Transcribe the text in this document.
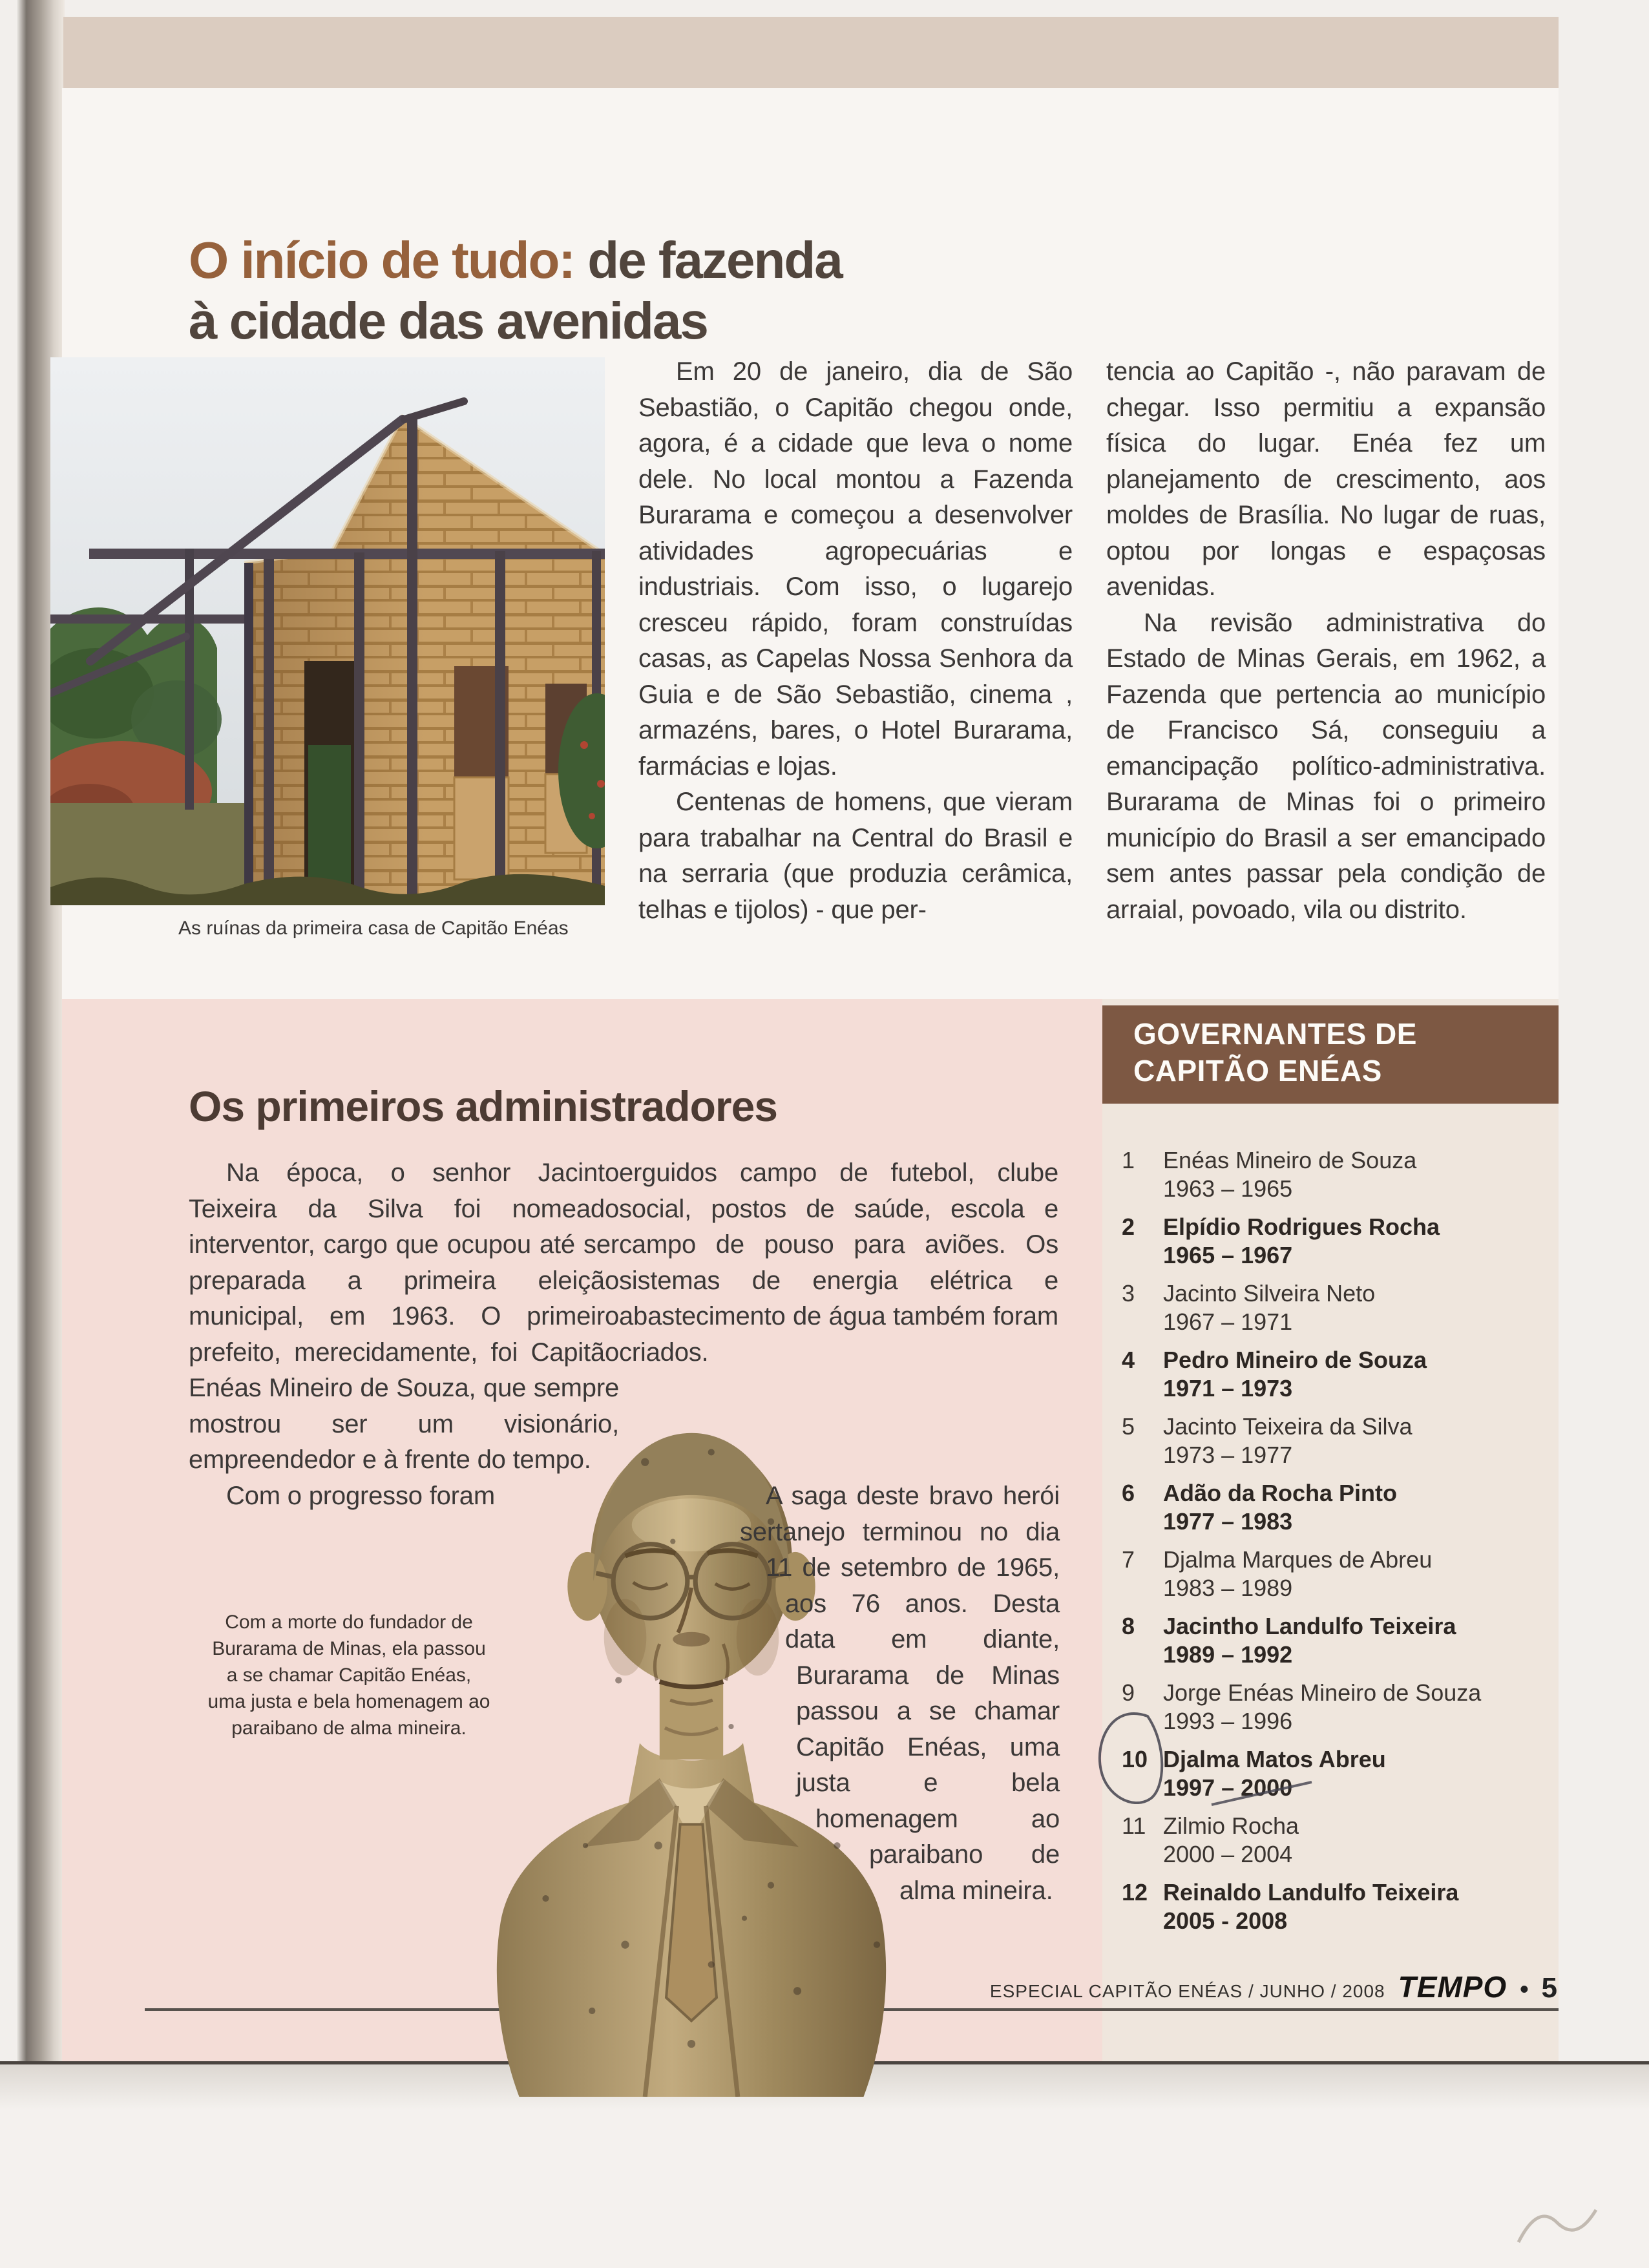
O início de tudo: de fazenda
à cidade das avenidas
As ruínas da primeira casa de Capitão Enéas

Em 20 de janeiro, dia de São Sebastião, o Capitão chegou onde, agora, é a cidade que leva o nome dele. No local montou a Fazenda Burarama e começou a desenvolver atividades agropecuárias e industriais. Com isso, o lugarejo cresceu rápido, foram construídas casas, as Capelas Nossa Senhora da Guia e de São Sebastião, cinema , armazéns, bares, o Hotel Burarama, farmácias e lojas.

Centenas de homens, que vieram para trabalhar na Central do Brasil e na serraria (que produzia cerâmica, telhas e tijolos) - que per-

tencia ao Capitão -, não paravam de chegar. Isso permitiu a expansão física do lugar. Enéa fez um planejamento de crescimento, aos moldes de Brasília. No lugar de ruas, optou por longas e espaçosas avenidas.

Na revisão administrativa do Estado de Minas Gerais, em 1962, a Fazenda que pertencia ao município de Francisco Sá, conseguiu a emancipação político-administrativa. Burarama de Minas foi o primeiro município do Brasil a ser emancipado sem antes passar pela condição de arraial, povoado, vila ou distrito.

Os primeiros administradores

Na época, o senhor Jacinto Teixeira da Silva foi nomeado interventor, cargo que ocupou até ser preparada a primeira eleição municipal, em 1963. O primeiro prefeito, merecidamente, foi Capitão Enéas Mineiro de Souza, que sempre mostrou ser um visionário, empreendedor e à frente do tempo.

Com o progresso foram

erguidos campo de futebol, clube social, postos de saúde, escola e campo de pouso para aviões. Os sistemas de energia elétrica e abastecimento de água também foram criados.

A saga deste bravo herói sertanejo terminou no dia 11 de setembro de 1965, aos 76 anos. Desta data em diante, Burarama de Minas passou a se chamar Capitão Enéas, uma justa e bela homenagem ao paraibano de alma mineira.

Com a morte do fundador de Burarama de Minas, ela passou a se chamar Capitão Enéas, uma justa e bela homenagem ao paraibano de alma mineira.
GOVERNANTES DE
CAPITÃO ENÉAS
1	Enéas Mineiro de Souza
1963 – 1965
2	Elpídio Rodrigues Rocha
1965 – 1967
3	Jacinto Silveira Neto
1967 – 1971
4	Pedro Mineiro de Souza
1971 – 1973
5	Jacinto Teixeira da Silva
1973 – 1977
6	Adão da Rocha Pinto
1977 – 1983
7	Djalma Marques de Abreu
1983 – 1989
8	Jacintho Landulfo Teixeira
1989 – 1992
9	Jorge Enéas Mineiro de Souza
1993 – 1996
10 Djalma Matos Abreu
1997 – 2000
11 Zilmio Rocha
2000 – 2004
12 Reinaldo Landulfo Teixeira
2005 - 2008
ESPECIAL CAPITÃO ENÉAS / JUNHO / 2008 TEMPO • 5
